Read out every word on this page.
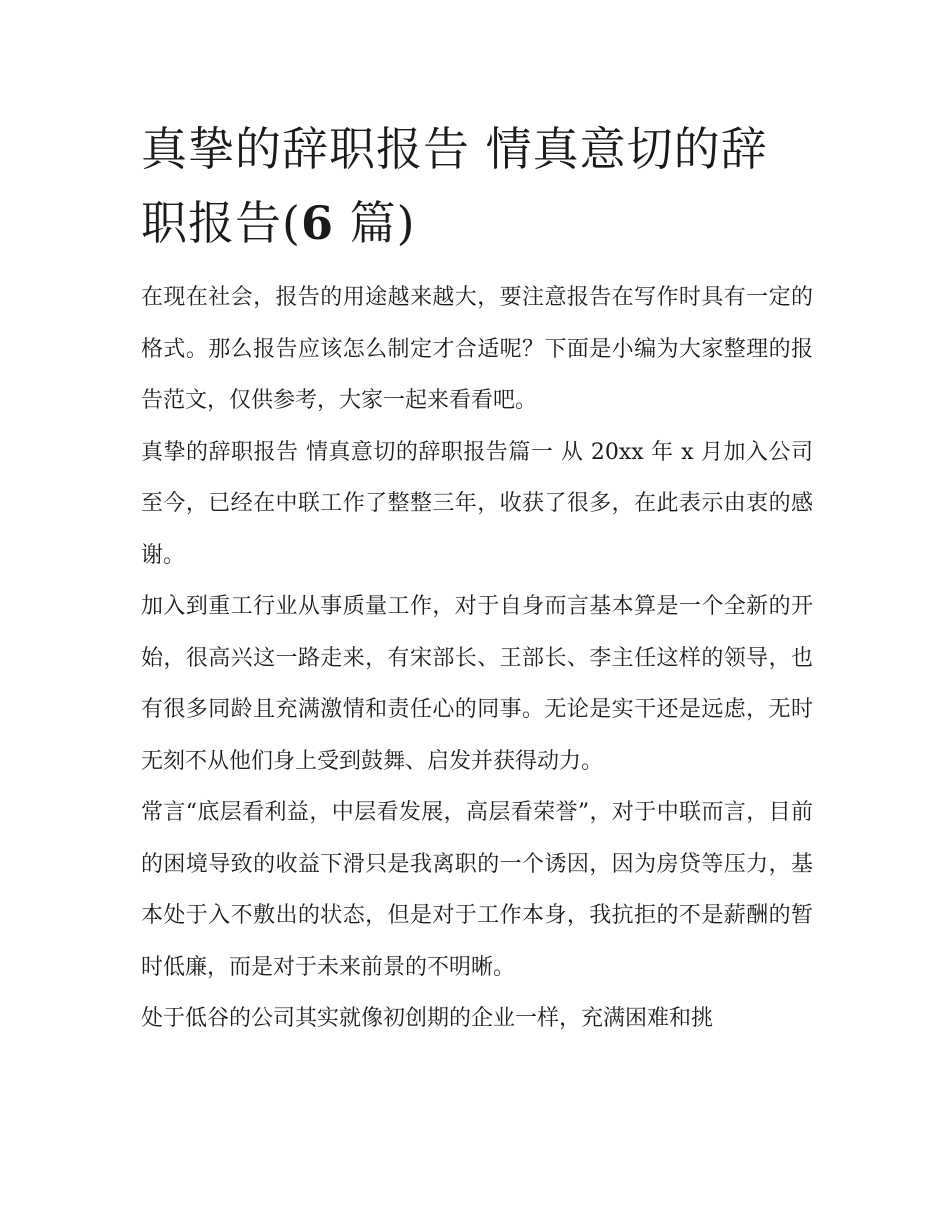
真挚的辞职报告 情真意切的辞职报告(6 篇)

在现在社会，报告的用途越来越大，要注意报告在写作时具有一定的格式。那么报告应该怎么制定才合适呢？下面是小编为大家整理的报告范文，仅供参考，大家一起来看看吧。

真挚的辞职报告 情真意切的辞职报告篇一 从 20xx 年 x 月加入公司至今，已经在中联工作了整整三年，收获了很多，在此表示由衷的感谢。

加入到重工行业从事质量工作，对于自身而言基本算是一个全新的开始，很高兴这一路走来，有宋部长、王部长、李主任这样的领导，也有很多同龄且充满激情和责任心的同事。无论是实干还是远虑，无时无刻不从他们身上受到鼓舞、启发并获得动力。

常言“底层看利益，中层看发展，高层看荣誉”，对于中联而言，目前的困境导致的收益下滑只是我离职的一个诱因，因为房贷等压力，基本处于入不敷出的状态，但是对于工作本身，我抗拒的不是薪酬的暂时低廉，而是对于未来前景的不明晰。

处于低谷的公司其实就像初创期的企业一样，充满困难和挑
